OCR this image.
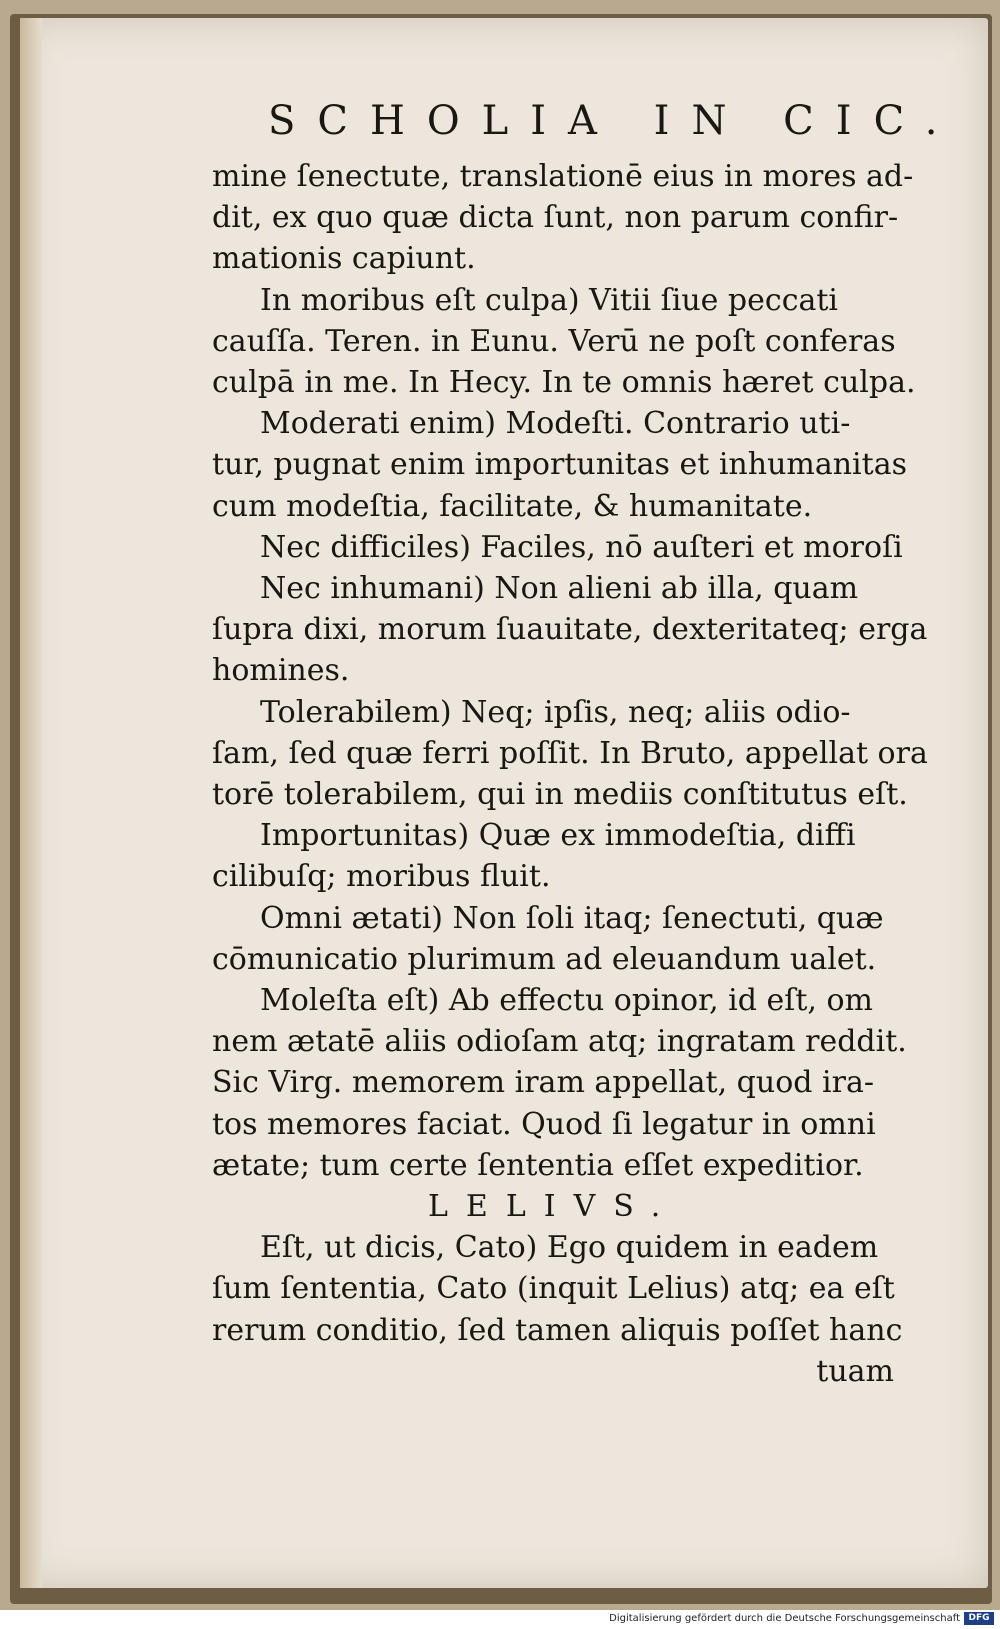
SCHOLIA IN CIC.
mine ſenectute, translationē eius in mores ad-
dit, ex quo quæ dicta ſunt, non parum confir-
mationis capiunt.
In moribus eſt culpa) Vitii ſiue peccati
cauſſa. Teren. in Eunu. Verū ne poſt conferas
culpā in me. In Hecy. In te omnis hæret culpa.
Moderati enim) Modeſti. Contrario uti-
tur, pugnat enim importunitas et inhumanitas
cum modeſtia, facilitate, & humanitate.
Nec difficiles) Faciles, nō auſteri et moroſi
Nec inhumani) Non alieni ab illa, quam
ſupra dixi, morum ſuauitate, dexteritateq; erga
homines.
Tolerabilem) Neq; ipſis, neq; aliis odio-
ſam, ſed quæ ferri poſſit. In Bruto, appellat ora
torē tolerabilem, qui in mediis conſtitutus eſt.
Importunitas) Quæ ex immodeſtia, diffi
cilibuſq; moribus fluit.
Omni ætati) Non ſoli itaq; ſenectuti, quæ
cōmunicatio plurimum ad eleuandum ualet.
Moleſta eſt) Ab effectu opinor, id eſt, om
nem ætatē aliis odioſam atq; ingratam reddit.
Sic Virg. memorem iram appellat, quod ira-
tos memores faciat. Quod ſi legatur in omni
ætate; tum certe ſententia eſſet expeditior.
LELIVS.
Eſt, ut dicis, Cato) Ego quidem in eadem
ſum ſententia, Cato (inquit Lelius) atq; ea eſt
rerum conditio, ſed tamen aliquis poſſet hanc
tuam
Digitalisierung gefördert durch die Deutsche Forschungsgemeinschaft DFG
